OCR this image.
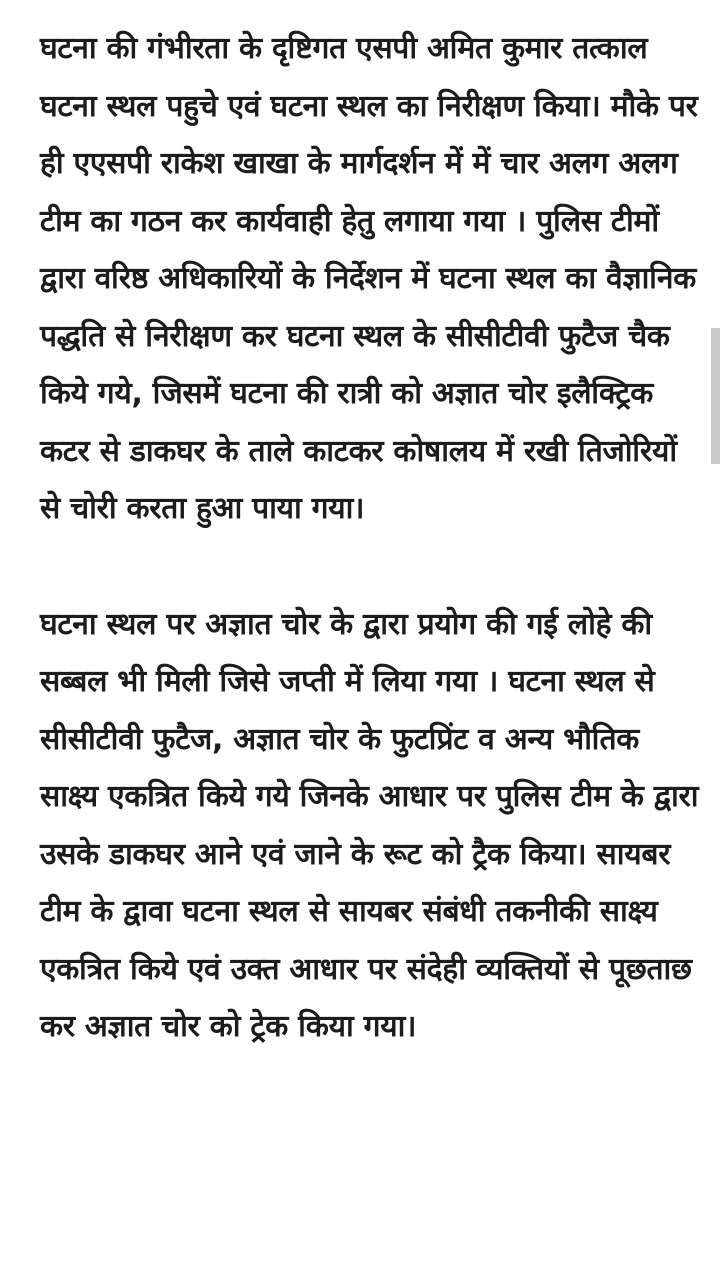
घटना की गंभीरता के दृष्टिगत एसपी अमित कुमार तत्काल घटना स्थल पहुचे एवं घटना स्थल का निरीक्षण किया। मौके पर ही एएसपी राकेश खाखा के मार्गदर्शन में में चार अलग अलग टीम का गठन कर कार्यवाही हेतु लगाया गया । पुलिस टीमों द्वारा वरिष्ठ अधिकारियों के निर्देशन में घटना स्थल का वैज्ञानिक पद्धति से निरीक्षण कर घटना स्थल के सीसीटीवी फुटैज चैक किये गये, जिसमें घटना की रात्री को अज्ञात चोर इलैक्ट्रिक कटर से डाकघर के ताले काटकर कोषालय में रखी तिजोरियों से चोरी करता हुआ पाया गया।

घटना स्थल पर अज्ञात चोर के द्वारा प्रयोग की गई लोहे की सब्बल भी मिली जिसे जप्ती में लिया गया । घटना स्थल से सीसीटीवी फुटैज, अज्ञात चोर के फुटप्रिंट व अन्य भौतिक साक्ष्य एकत्रित किये गये जिनके आधार पर पुलिस टीम के द्वारा उसके डाकघर आने एवं जाने के रूट को ट्रैक किया। सायबर टीम के द्वावा घटना स्थल से सायबर संबंधी तकनीकी साक्ष्य एकत्रित किये एवं उक्त आधार पर संदेही व्यक्तियों से पूछताछ कर अज्ञात चोर को ट्रेक किया गया।
